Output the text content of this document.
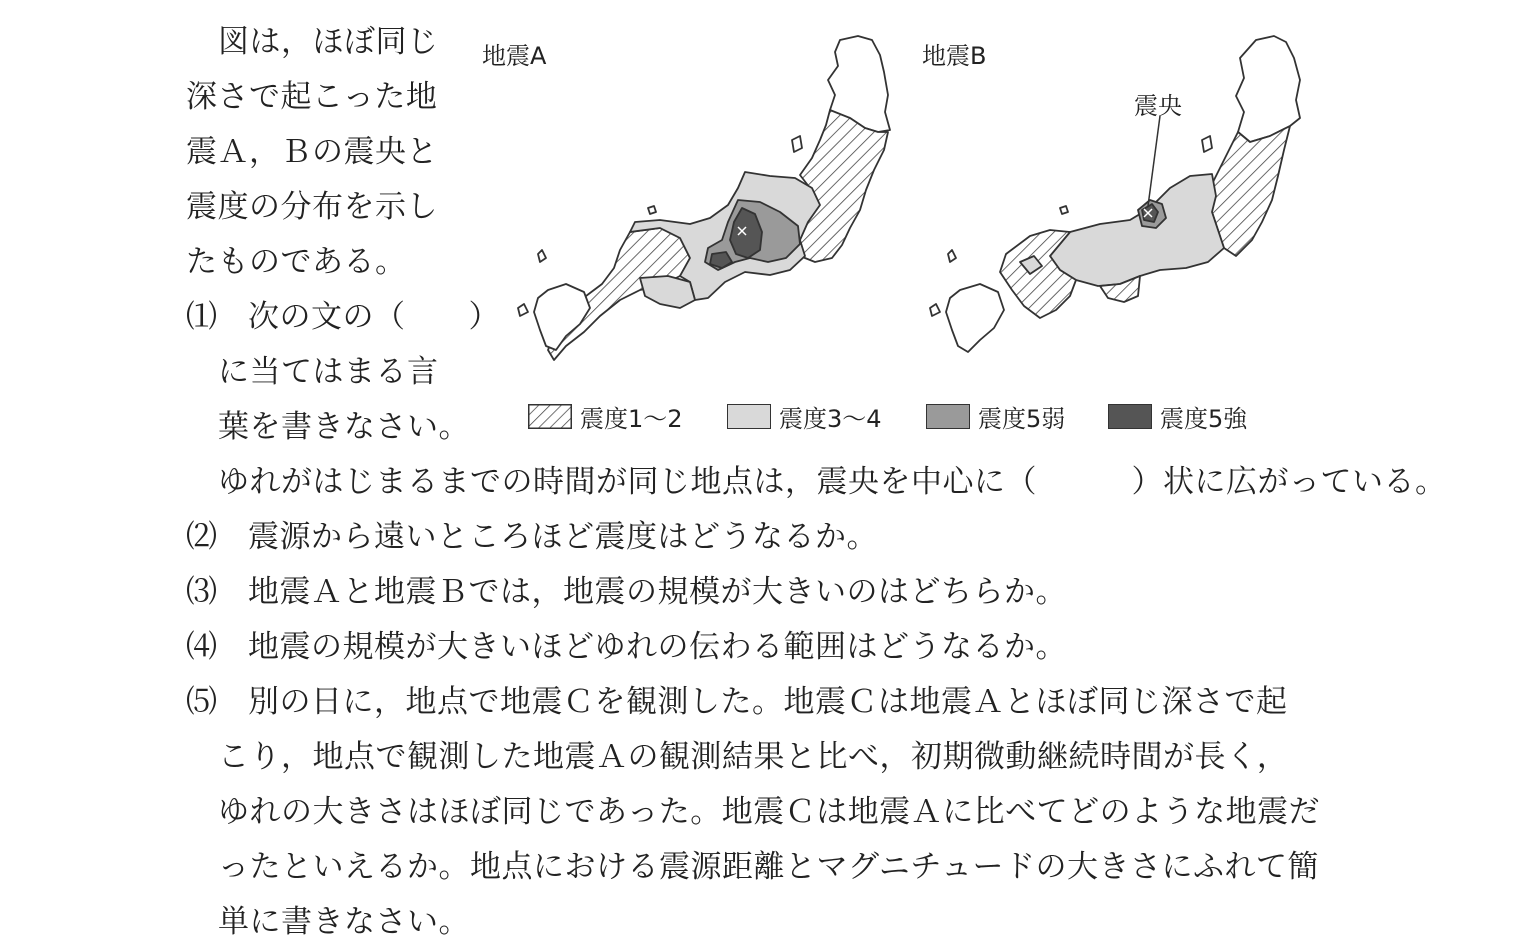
図は，ほぼ同じ
深さで起こった地
震Ａ，Ｂの震央と
震度の分布を示し
たものである。
⑴ 次の文の（　　）
に当てはまる言
葉を書きなさい。
ゆれがはじまるまでの時間が同じ地点は，震央を中心に（　　　）状に広がっている。
⑵ 震源から遠いところほど震度はどうなるか。
⑶ 地震Ａと地震Ｂでは，地震の規模が大きいのはどちらか。
⑷ 地震の規模が大きいほどゆれの伝わる範囲はどうなるか。
⑸ 別の日に，地点で地震Ｃを観測した。地震Ｃは地震Ａとほぼ同じ深さで起
こり，地点で観測した地震Ａの観測結果と比べ，初期微動継続時間が長く，
ゆれの大きさはほぼ同じであった。地震Ｃは地震Ａに比べてどのような地震だ
ったといえるか。地点における震源距離とマグニチュードの大きさにふれて簡
単に書きなさい。
地震A	地震B
震央
震度1～2	震度3～4	震度5弱	震度5強
